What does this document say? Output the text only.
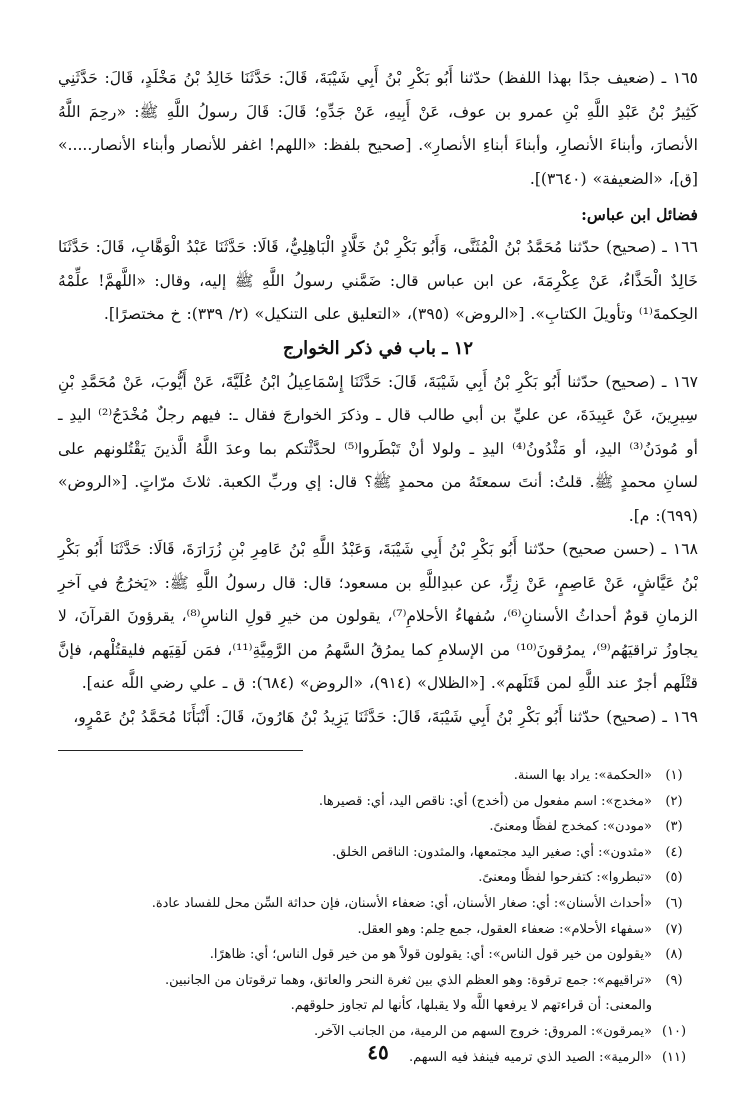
١٦٥ ـ (ضعيف جدًا بهذا اللفظ) حدّثنا أَبُو بَكْرِ بْنُ أَبِي شَيْبَةَ، قَالَ: حَدَّثَنَا خَالِدُ بْنُ مَخْلَدٍ، قَالَ: حَدَّثَنِي كَثِيرُ بْنُ عَبْدِ اللَّهِ بْنِ عمرو بن عوف، عَنْ أَبِيهِ، عَنْ جَدِّهِ؛ قَالَ: قَالَ رسولُ اللَّهِ ﷺ: «رحِمَ اللَّهُ الأنصارَ، وأبناءَ الأنصارِ، وأبناءَ أبناءِ الأنصارِ». [صحيح بلفظ: «اللهم! اغفر للأنصار وأبناء الأنصار.....» [ق]، «الضعيفة» (٣٦٤٠)].

فضائل ابن عباس:

١٦٦ ـ (صحيح) حدّثنا مُحَمَّدُ بْنُ الْمُثَنَّى، وَأَبُو بَكْرِ بْنُ خَلَّادٍ الْبَاهِلِيُّ، قَالَا: حَدَّثَنَا عَبْدُ الْوَهَّابِ، قَالَ: حَدَّثَنَا خَالِدٌ الْحَذَّاءُ، عَنْ عِكْرِمَةَ، عن ابن عباس قال: ضَمَّني رسولُ اللَّهِ ﷺ إليه، وقال: «اللَّهمَّ! علِّمْهُ الحِكمةَ⁽¹⁾ وتأويلَ الكتابِ». [«الروض» (٣٩٥)، «التعليق على التنكيل» (٢/ ٣٣٩): خ مختصرًا].

١٢ ـ باب في ذكر الخوارج

١٦٧ ـ (صحيح) حدّثنا أَبُو بَكْرِ بْنُ أَبِي شَيْبَةَ، قَالَ: حَدَّثَنَا إِسْمَاعِيلُ ابْنُ عُلَيَّةَ، عَنْ أَيُّوبَ، عَنْ مُحَمَّدِ بْنِ سِيرِينَ، عَنْ عَبِيدَةَ، عن عليِّ بن أبي طالب قال ـ وذكرَ الخوارجَ فقال ـ: فيهم رجلٌ مُخْدَجُ⁽²⁾ اليدِ ـ أو مُودَنُ⁽³⁾ اليدِ، أو مَثْدُونُ⁽⁴⁾ اليدِ ـ ولولا أنْ تَبْطَروا⁽⁵⁾ لحدَّثْتكم بما وعدَ اللَّهُ الَّذينَ يَقْتُلونهم على لسانِ محمدٍ ﷺ. قلتُ: أنتَ سمعتَهُ من محمدٍ ﷺ؟ قال: إي وربِّ الكعبة. ثلاثَ مرّاتٍ. [«الروض» (٦٩٩): م].

١٦٨ ـ (حسن صحيح) حدّثنا أَبُو بَكْرِ بْنُ أَبِي شَيْبَةَ، وَعَبْدُ اللَّهِ بْنُ عَامِرِ بْنِ زُرَارَةَ، قَالَا: حَدَّثَنَا أَبُو بَكْرِ بْنُ عَيَّاشٍ، عَنْ عَاصِمٍ، عَنْ زِرٍّ، عن عبدِاللَّهِ بن مسعود؛ قال: قال رسولُ اللَّهِ ﷺ: «يَخرُجُ في آخرِ الزمانِ قومٌ أحداثُ الأسنانِ⁽⁶⁾، سُفهاءُ الأحلامِ⁽⁷⁾، يقولون من خيرِ قولِ الناسِ⁽⁸⁾، يقرؤونَ القرآنَ، لا يجاوزُ تراقيَهُم⁽⁹⁾، يمرُقونَ⁽¹⁰⁾ من الإسلامِ كما يمرُقُ السَّهمُ من الرَّمِيَّةِ⁽¹¹⁾، فمَن لَقِيَهم فليقتُلْهم، فإنَّ قتْلَهم أجرٌ عند اللَّهِ لمن قَتَلَهم». [«الظلال» (٩١٤)، «الروض» (٦٨٤): ق ـ علي رضي اللَّه عنه].

١٦٩ ـ (صحيح) حدّثنا أَبُو بَكْرِ بْنُ أَبِي شَيْبَةَ، قَالَ: حَدَّثَنَا يَزِيدُ بْنُ هَارُونَ، قَالَ: أَنْبَأَنَا مُحَمَّدُ بْنُ عَمْرٍو،

(١)
«الحكمة»: يراد بها السنة.
(٢)
«مخدج»: اسم مفعول من (أخدج) أي: ناقص اليد، أي: قصيرها.
(٣)
«مودن»: كمخدج لفظًا ومعنىً.
(٤)
«مثدون»: أي: صغير اليد مجتمعها، والمثدون: الناقص الخلق.
(٥)
«تبطروا»: كتفرحوا لفظًا ومعنىً.
(٦)
«أحداث الأسنان»: أي: صغار الأسنان، أي: ضعفاء الأسنان، فإن حداثة السِّن محل للفساد عادة.
(٧)
«سفهاء الأحلام»: ضعفاء العقول، جمع حِلم: وهو العقل.
(٨)
«يقولون من خير قول الناس»: أي: يقولون قولاً هو من خير قول الناس؛ أي: ظاهرًا.
(٩)
«تراقيهم»: جمع ترقوة: وهو العظم الذي بين ثغرة النحر والعاتق، وهما ترقوتان من الجانبين.
والمعنى: أن قراءتهم لا يرفعها اللَّه ولا يقبلها، كأنها لم تجاوز حلوقهم.
(١٠)
«يمرقون»: المروق: خروج السهم من الرمية، من الجانب الآخر.
(١١)
«الرمية»: الصيد الذي ترميه فينفذ فيه السهم.
٤٥
